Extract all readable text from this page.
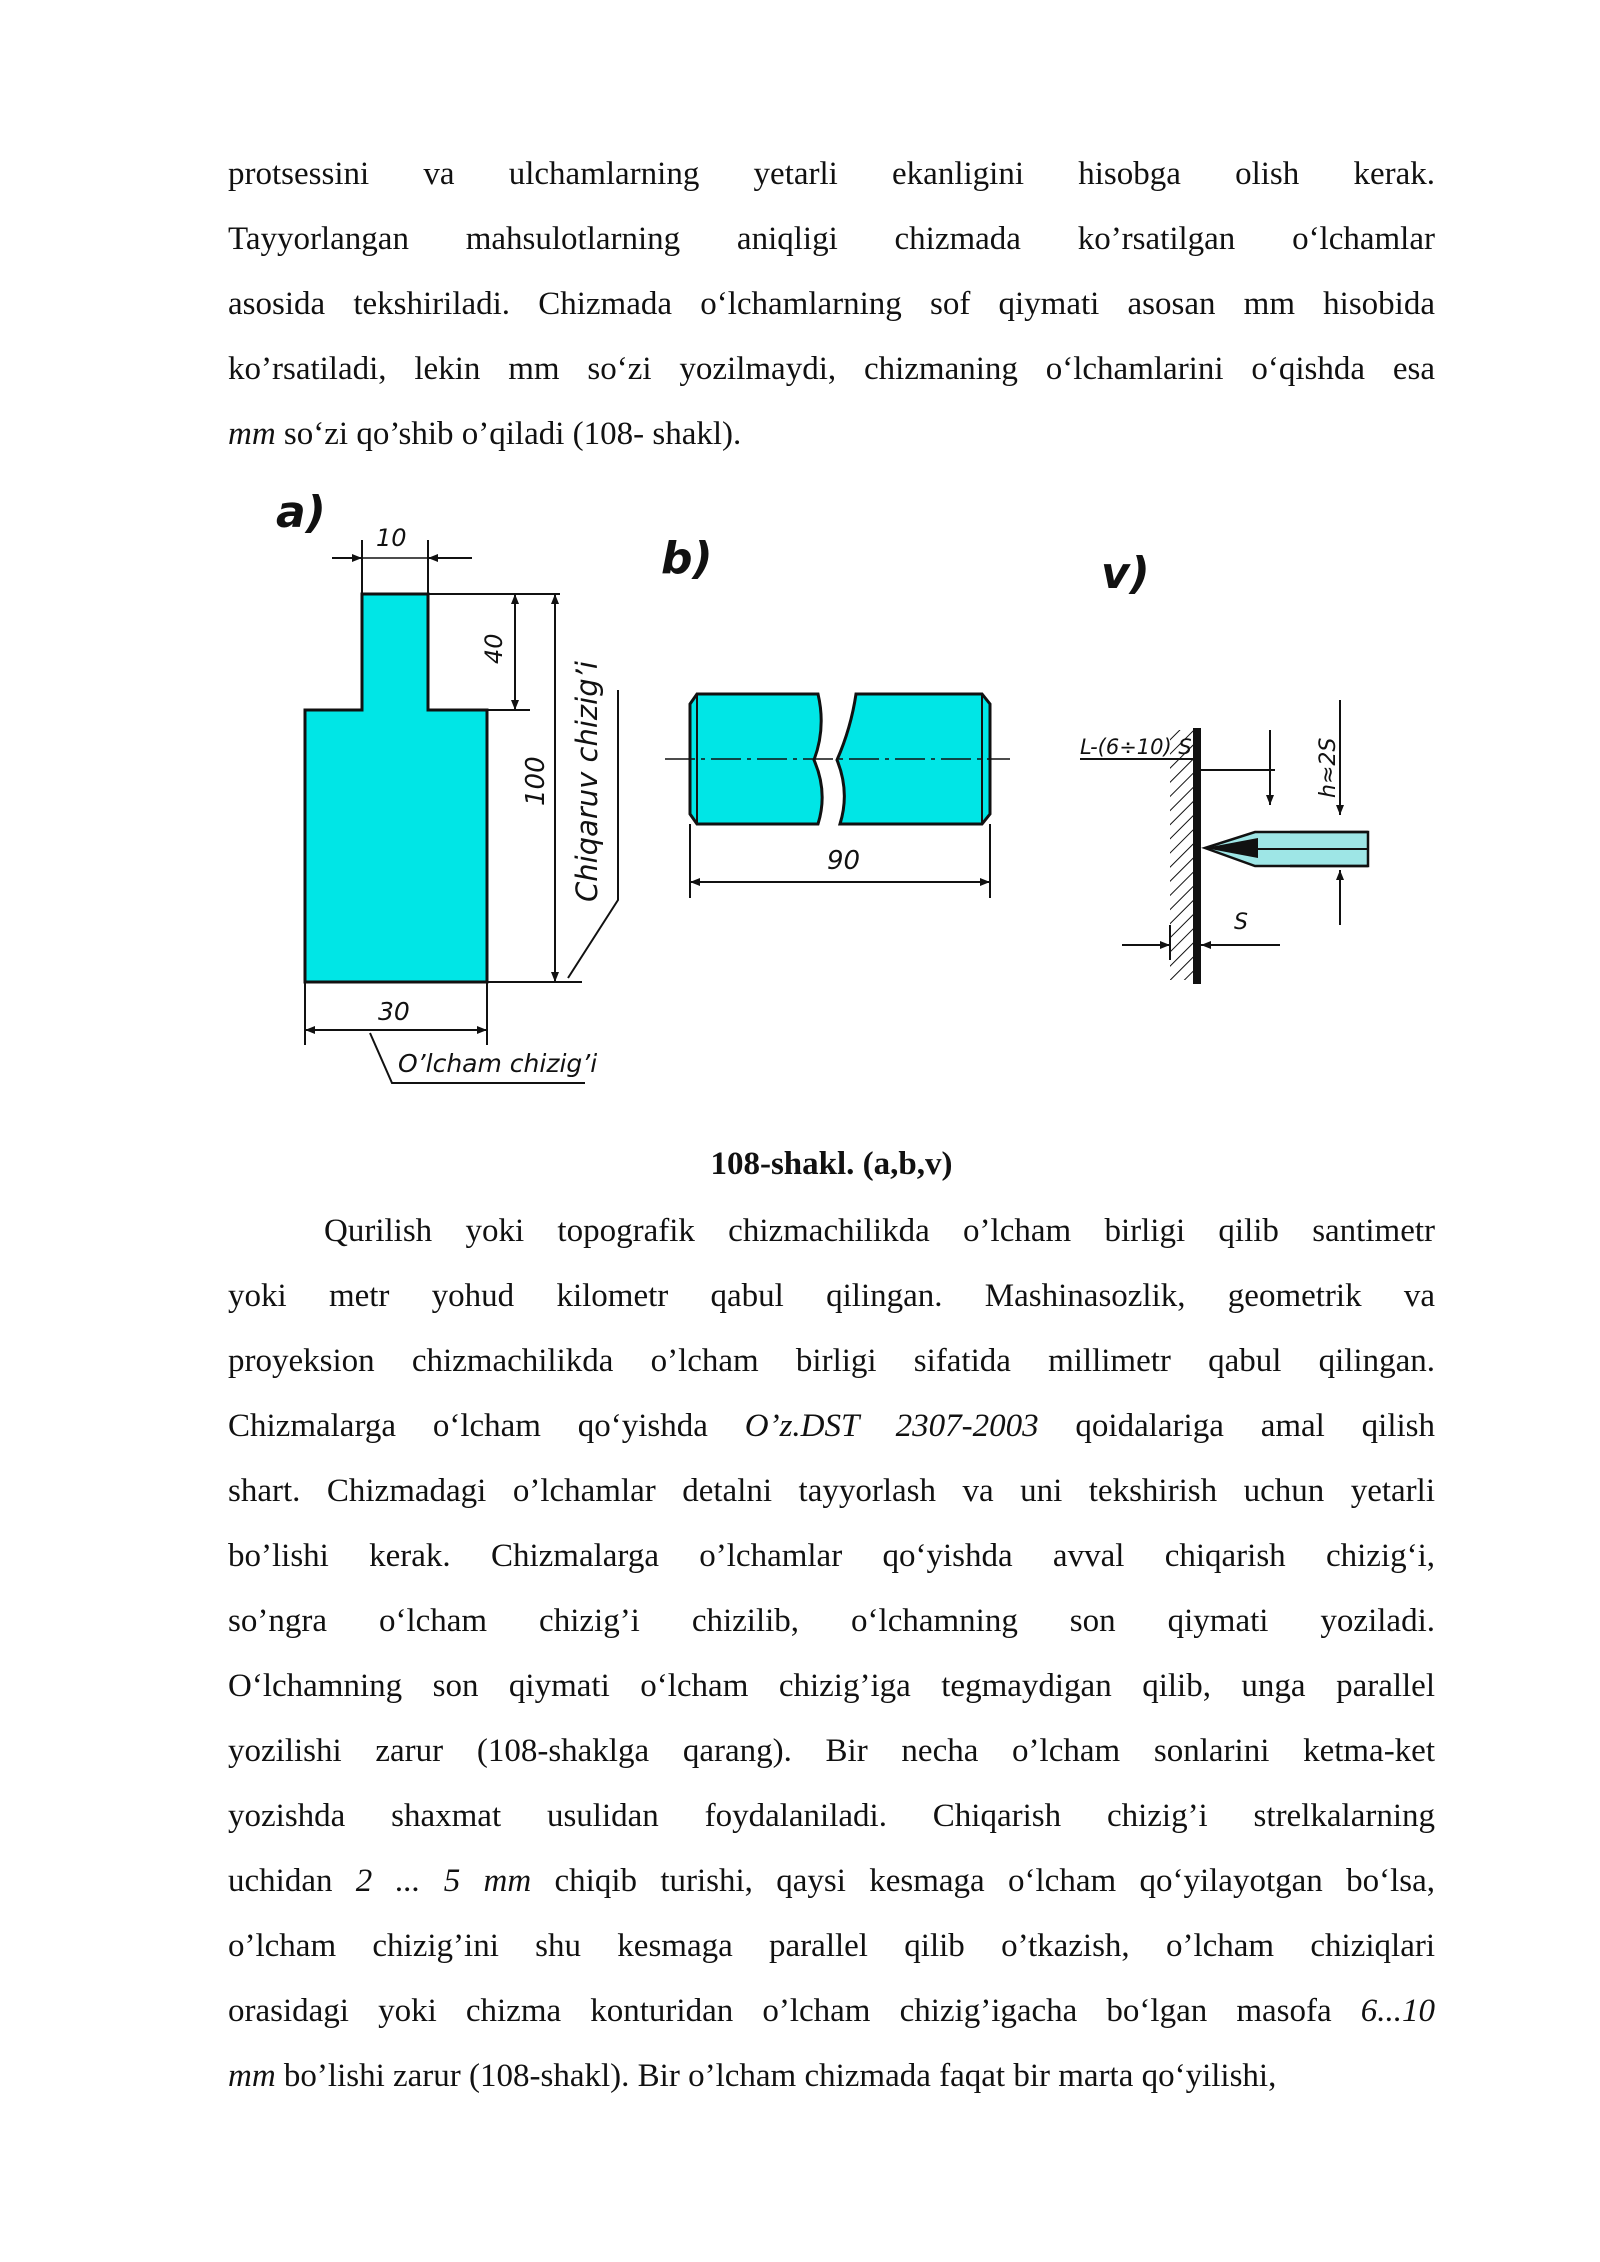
protsessini va ulchamlarning yetarli ekanligini hisobga olish kerak.
Tayyorlangan mahsulotlarning aniqligi chizmada ko’rsatilgan o‘lchamlar
asosida tekshiriladi. Chizmada o‘lchamlarning sof qiymati asosan mm hisobida
ko’rsatiladi, lekin mm so‘zi yozilmaydi, chizmaning o‘lchamlarini o‘qishda esa
mm so‘zi qo’shib o’qiladi (108- shakl).
a) 10
40
100 Chiqaruv chizig’i
30
O’lcham chizig’i
b)
90
v)
L-(6÷10) S	h≈2S
S
108-shakl. (a,b,v)
Qurilish yoki topografik chizmachilikda o’lcham birligi qilib santimetr
yoki metr yohud kilometr qabul qilingan. Mashinasozlik, geometrik va
proyeksion chizmachilikda o’lcham birligi sifatida millimetr qabul qilingan.
Chizmalarga o‘lcham qo‘yishda O’z.DST 2307-2003 qoidalariga amal qilish
shart. Chizmadagi o’lchamlar detalni tayyorlash va uni tekshirish uchun yetarli
bo’lishi kerak. Chizmalarga o’lchamlar qo‘yishda avval chiqarish chizig‘i,
so’ngra o‘lcham chizig’i chizilib, o‘lchamning son qiymati yoziladi.
O‘lchamning son qiymati o‘lcham chizig’iga tegmaydigan qilib, unga parallel
yozilishi zarur (108-shaklga qarang). Bir necha o’lcham sonlarini ketma-ket
yozishda shaxmat usulidan foydalaniladi. Chiqarish chizig’i strelkalarning
uchidan 2 ... 5 mm chiqib turishi, qaysi kesmaga o‘lcham qo‘yilayotgan bo‘lsa,
o’lcham chizig’ini shu kesmaga parallel qilib o’tkazish, o’lcham chiziqlari
orasidagi yoki chizma konturidan o’lcham chizig’igacha bo‘lgan masofa 6...10
mm bo’lishi zarur (108-shakl). Bir o’lcham chizmada faqat bir marta qo‘yilishi,
